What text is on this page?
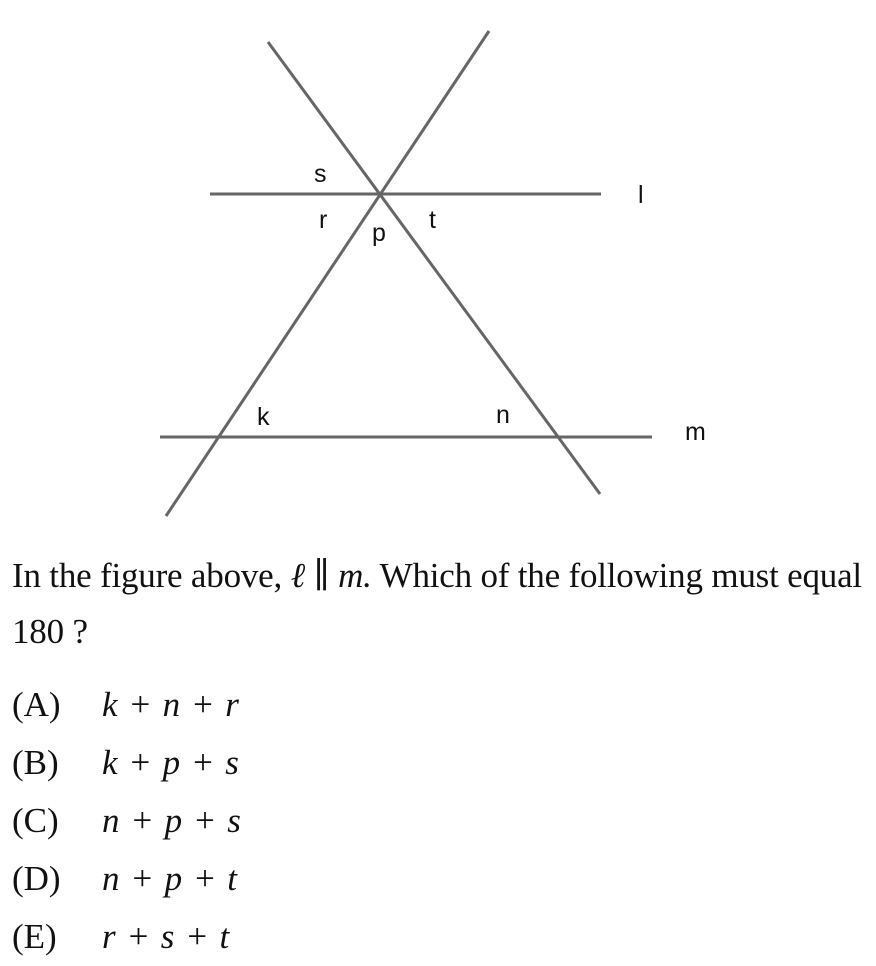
s
r p t
l
k	n
m
In the figure above, ℓ ∥ m. Which of the following must equal 180 ?
(A) k + n + r
(B) k + p + s
(C) n + p + s
(D) n + p + t
(E) r + s + t
